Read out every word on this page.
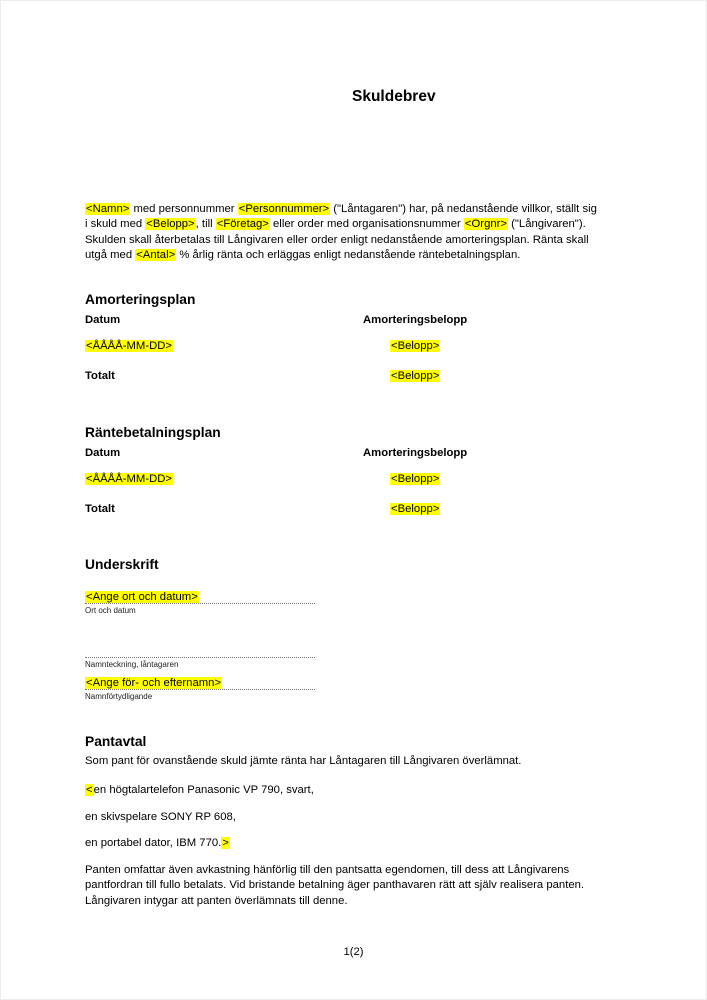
Skuldebrev
<Namn> med personnummer <Personnummer> ("Låntagaren") har, på nedanstående villkor, ställt sig
i skuld med <Belopp>, till <Företag> eller order med organisationsnummer <Orgnr> ("Långivaren").
Skulden skall återbetalas till Långivaren eller order enligt nedanstående amorteringsplan. Ränta skall
utgå med <Antal> % årlig ränta och erläggas enligt nedanstående räntebetalningsplan.
Amorteringsplan
Datum	Amorteringsbelopp
<ÅÅÅÅ-MM-DD>	<Belopp>
Totalt	<Belopp>
Räntebetalningsplan
Datum	Amorteringsbelopp
<ÅÅÅÅ-MM-DD>	<Belopp>
Totalt	<Belopp>
Underskrift
<Ange ort och datum>
Ort och datum
Namnteckning, låntagaren
<Ange för- och efternamn>
Namnförtydligande
Pantavtal
Som pant för ovanstående skuld jämte ränta har Låntagaren till Långivaren överlämnat.
<en högtalartelefon Panasonic VP 790, svart,
en skivspelare SONY RP 608,
en portabel dator, IBM 770.>
Panten omfattar även avkastning hänförlig till den pantsatta egendomen, till dess att Långivarens
pantfordran till fullo betalats. Vid bristande betalning äger panthavaren rätt att själv realisera panten.
Långivaren intygar att panten överlämnats till denne.
1(2)
